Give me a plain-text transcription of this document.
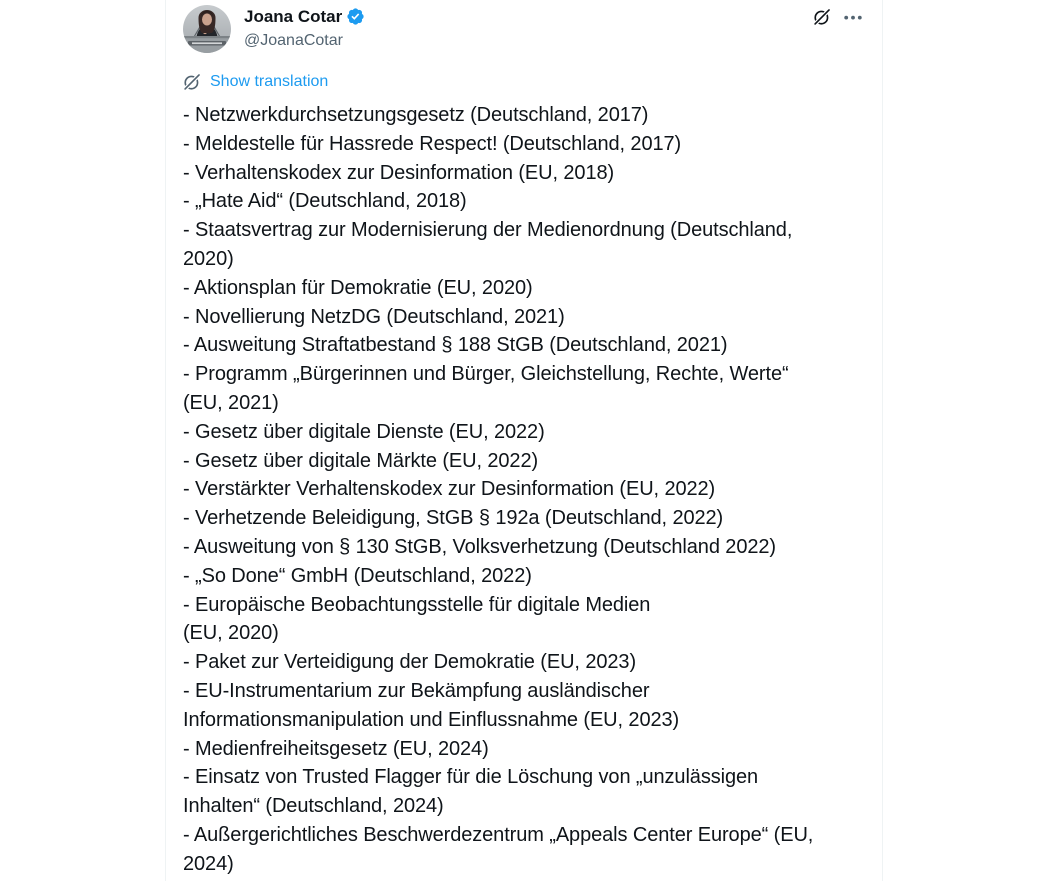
Joana Cotar
@JoanaCotar
Show translation
- Netzwerkdurchsetzungsgesetz (Deutschland, 2017)
- Meldestelle für Hassrede Respect! (Deutschland, 2017)
- Verhaltenskodex zur Desinformation (EU, 2018)
- „Hate Aid“ (Deutschland, 2018)
- Staatsvertrag zur Modernisierung der Medienordnung (Deutschland,
2020)
- Aktionsplan für Demokratie (EU, 2020)
- Novellierung NetzDG (Deutschland, 2021)
- Ausweitung Straftatbestand § 188 StGB (Deutschland, 2021)
- Programm „Bürgerinnen und Bürger, Gleichstellung, Rechte, Werte“
(EU, 2021)
- Gesetz über digitale Dienste (EU, 2022)
- Gesetz über digitale Märkte (EU, 2022)
- Verstärkter Verhaltenskodex zur Desinformation (EU, 2022)
- Verhetzende Beleidigung, StGB § 192a (Deutschland, 2022)
- Ausweitung von § 130 StGB, Volksverhetzung (Deutschland 2022)
- „So Done“ GmbH (Deutschland, 2022)
- Europäische Beobachtungsstelle für digitale Medien
(EU, 2020)
- Paket zur Verteidigung der Demokratie (EU, 2023)
- EU-Instrumentarium zur Bekämpfung ausländischer
Informationsmanipulation und Einflussnahme (EU, 2023)
- Medienfreiheitsgesetz (EU, 2024)
- Einsatz von Trusted Flagger für die Löschung von „unzulässigen
Inhalten“ (Deutschland, 2024)
- Außergerichtliches Beschwerdezentrum „Appeals Center Europe“ (EU,
2024)
